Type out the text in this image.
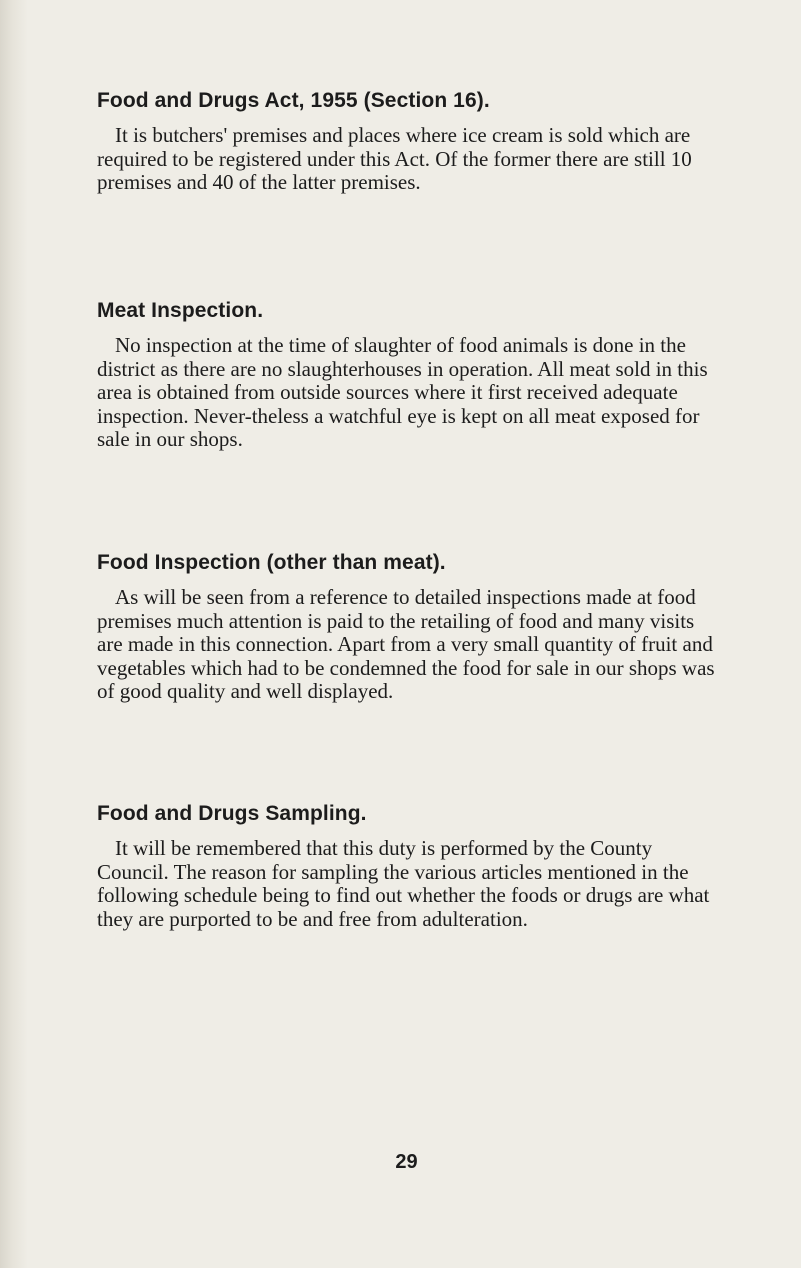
Food and Drugs Act, 1955 (Section 16).

It is butchers' premises and places where ice cream is sold which are required to be registered under this Act. Of the former there are still 10 premises and 40 of the latter premises.

Meat Inspection.

No inspection at the time of slaughter of food animals is done in the district as there are no slaughterhouses in operation. All meat sold in this area is obtained from outside sources where it first received adequate inspection. Never-theless a watchful eye is kept on all meat exposed for sale in our shops.

Food Inspection (other than meat).

As will be seen from a reference to detailed inspections made at food premises much attention is paid to the retailing of food and many visits are made in this connection. Apart from a very small quantity of fruit and vegetables which had to be condemned the food for sale in our shops was of good quality and well displayed.

Food and Drugs Sampling.

It will be remembered that this duty is performed by the County Council. The reason for sampling the various articles mentioned in the following schedule being to find out whether the foods or drugs are what they are purported to be and free from adulteration.

29
